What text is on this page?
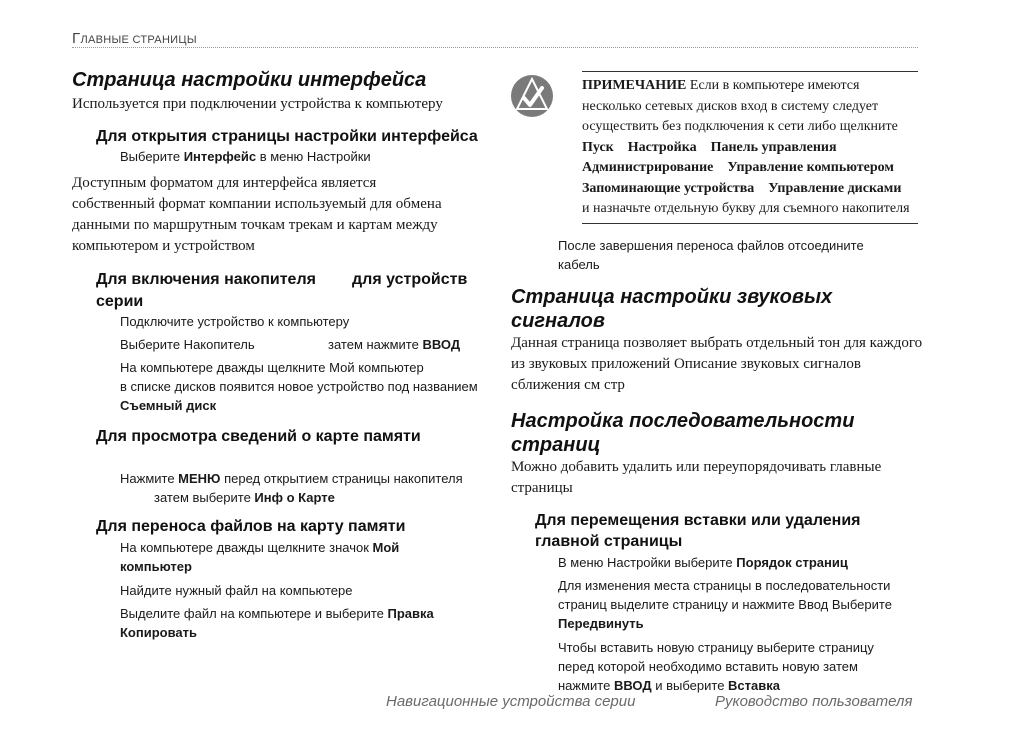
ГЛАВНЫЕ СТРАНИЦЫ
Страница настройки интерфейса
Используется при подключении устройства к компьютеру
Для открытия страницы настройки интерфейса
Выберите Интерфейс в меню Настройки
Доступным форматом для интерфейса является
собственный формат компании используемый для обмена
данными по маршрутным точкам трекам и картам между
компьютером и устройством
Для включения накопителя для устройств
серии
Подключите устройство к компьютеру
Выберите Накопитель	затем нажмите ВВОД
На компьютере дважды щелкните Мой компьютер
в списке дисков появится новое устройство под названием
Съемный диск
Для просмотра сведений о карте памяти
Нажмите МЕНЮ перед открытием страницы накопителя
затем выберите Инф о Карте
Для переноса файлов на карту памяти
На компьютере дважды щелкните значок Мой
компьютер
Найдите нужный файл на компьютере
Выделите файл на компьютере и выберите Правка
Копировать
ПРИМЕЧАНИЕ Если в компьютере имеются
несколько сетевых дисков вход в систему следует
осуществить без подключения к сети либо щелкните
Пуск    Настройка    Панель управления
Администрирование    Управление компьютером
Запоминающие устройства    Управление дисками
и назначьте отдельную букву для съемного накопителя
После завершения переноса файлов отсоедините
кабель
Страница настройки звуковых
сигналов
Данная страница позволяет выбрать отдельный тон для каждого
из звуковых приложений Описание звуковых сигналов
сближения см стр
Настройка последовательности
страниц
Можно добавить удалить или переупорядочивать главные
страницы
Для перемещения вставки или удаления
главной страницы
В меню Настройки выберите Порядок страниц
Для изменения места страницы в последовательности
страниц выделите страницу и нажмите Ввод Выберите
Передвинуть
Чтобы вставить новую страницу выберите страницу
перед которой необходимо вставить новую затем
нажмите ВВОД и выберите Вставка
Навигационные устройства серии	Руководство пользователя
